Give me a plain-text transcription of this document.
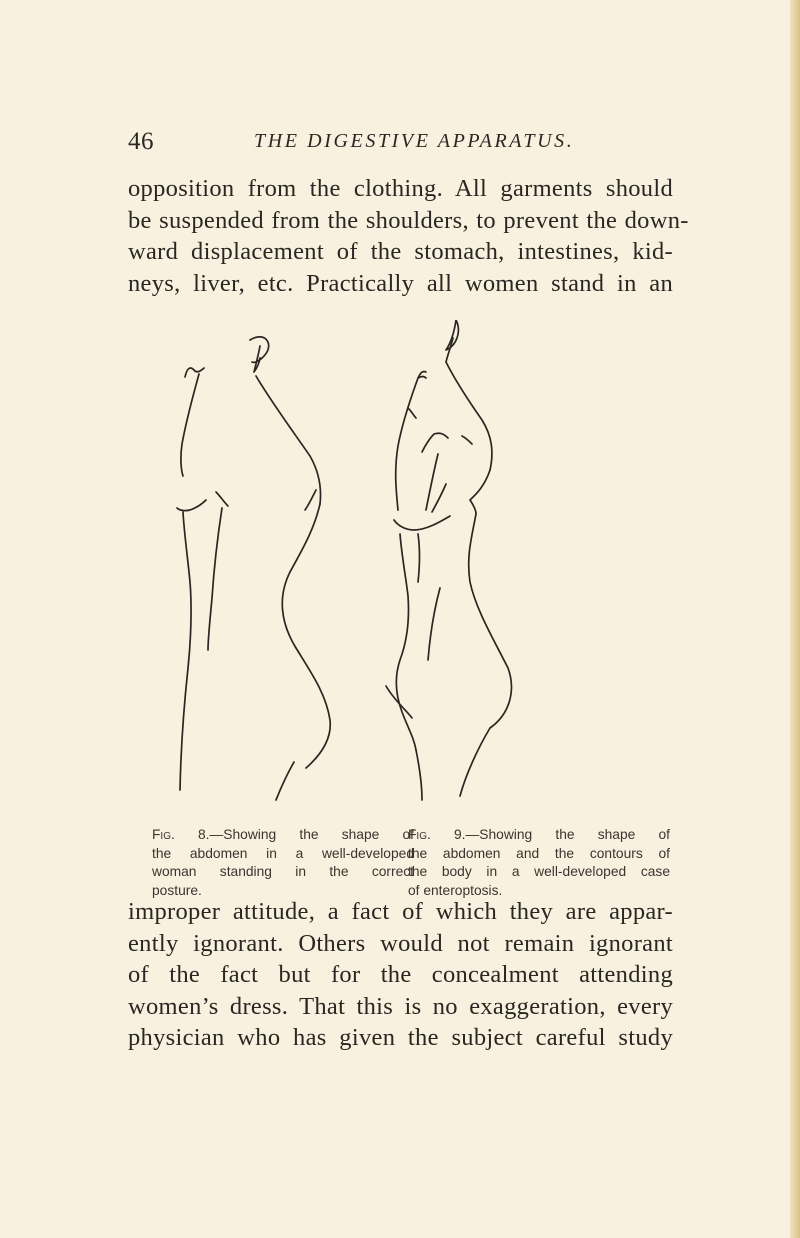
46	THE DIGESTIVE APPARATUS.

opposition from the clothing. All garments should
be suspended from the shoulders, to prevent the down-
ward displacement of the stomach, intestines, kid-
neys, liver, etc. Practically all women stand in an

Fig. 8.—Showing the shape of
the abdomen in a well-developed
woman standing in the correct
posture.
Fig. 9.—Showing the shape of
the abdomen and the contours of
the body in a well-developed case
of enteroptosis.

improper attitude, a fact of which they are appar-
ently ignorant. Others would not remain ignorant
of the fact but for the concealment attending
women’s dress. That this is no exaggeration, every
physician who has given the subject careful study
